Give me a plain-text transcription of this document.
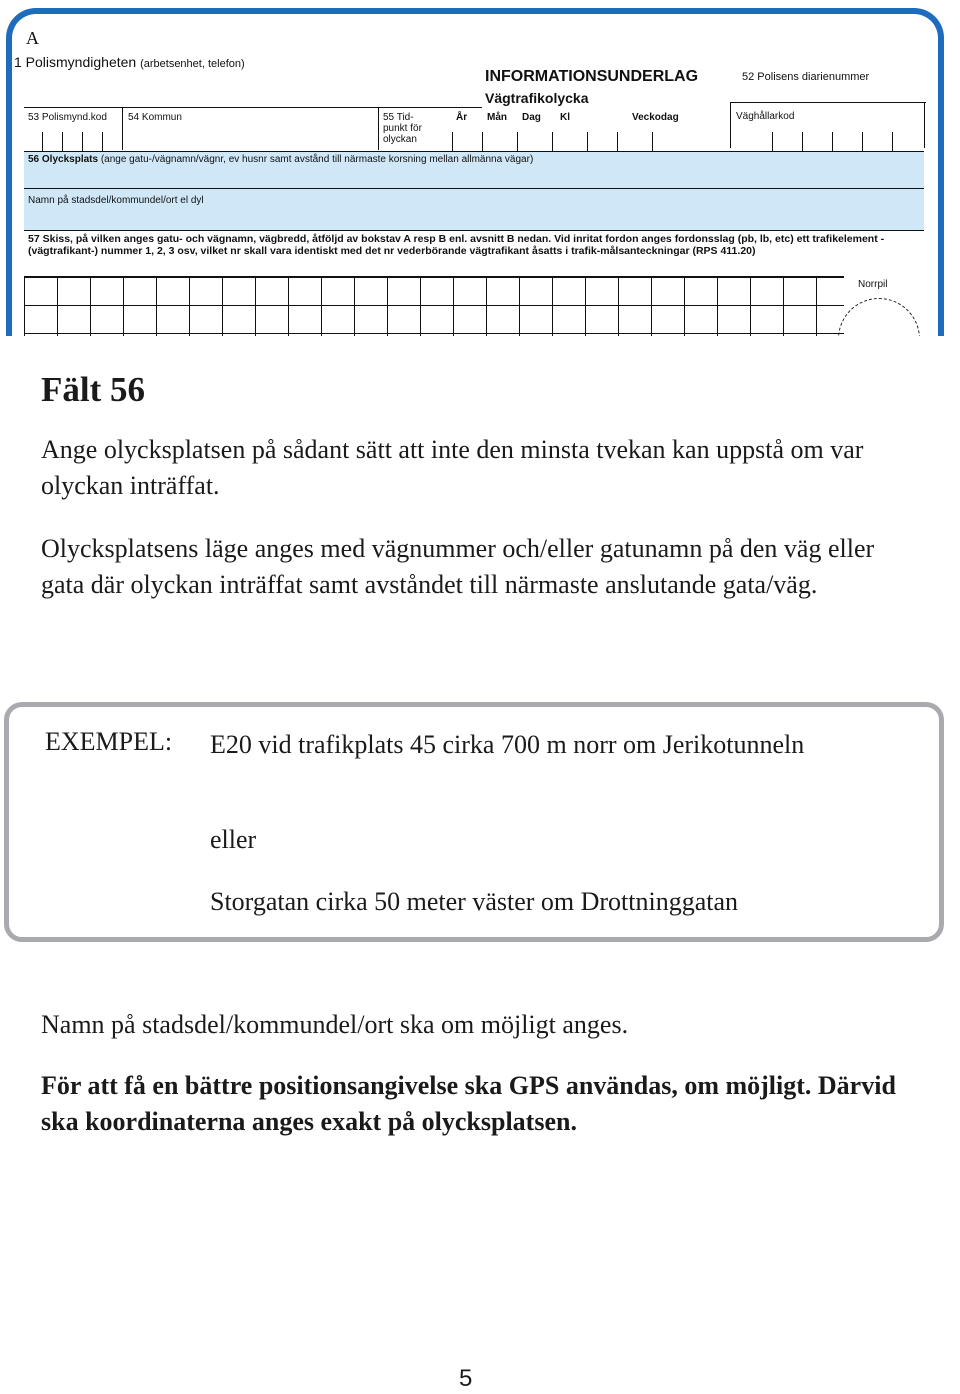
A
1 Polismyndigheten (arbetsenhet, telefon)
INFORMATIONSUNDERLAG
Vägtrafikolycka
52 Polisens diarienummer
53 Polismynd.kod 54 Kommun	55 Tid-
punkt för
olyckan
År Mån Dag Kl	Veckodag	Väghållarkod
56 Olycksplats (ange gatu-/vägnamn/vägnr, ev husnr samt avstånd till närmaste korsning mellan allmänna vägar)
Namn på stadsdel/kommundel/ort el dyl
57 Skiss, på vilken anges gatu- och vägnamn, vägbredd, åtföljd av bokstav A resp B enl. avsnitt B nedan. Vid inritat fordon anges fordonsslag (pb, lb, etc) ett trafikelement - (vägtrafikant-) nummer 1, 2, 3 osv, vilket nr skall vara identiskt med det nr vederbörande vägtrafikant åsatts i trafik-målsanteckningar (RPS 411.20)
Norrpil
Fält 56

Ange olycksplatsen på sådant sätt att inte den minsta tvekan kan uppstå om var olyckan inträffat.

Olycksplatsens läge anges med vägnummer och/eller gatunamn på den väg eller gata där olyckan inträffat samt avståndet till närmaste anslutande gata/väg.

EXEMPEL: E20 vid trafikplats 45 cirka 700 m norr om Jerikotunneln
eller
Storgatan cirka 50 meter väster om Drottninggatan

Namn på stadsdel/kommundel/ort ska om möjligt anges.

För att få en bättre positionsangivelse ska GPS användas, om möjligt. Därvid ska koordinaterna anges exakt på olycksplatsen.

5
